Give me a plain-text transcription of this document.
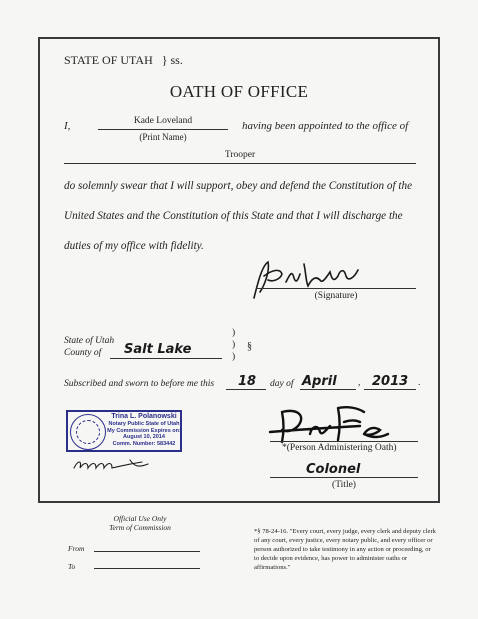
STATE OF UTAH } ss.
OATH OF OFFICE
I,	Kade Loveland
(Print Name)
having been appointed to the office of
Trooper
do solemnly swear that I will support, obey and defend the Constitution of the
United States and the Constitution of this State and that I will discharge the
duties of my office with fidelity.
(Signature)
State of Utah
County of Salt Lake
)
)
)
§
Subscribed and sworn to before me this 18 day of April , 2013 .
Trina L. Polanowski
Notary Public State of Utah
My Commission Expires on:
August 10, 2014
Comm. Number: 583442	*(Person Administering Oath)
Colonel
(Title)
Official Use Only
Term of Commission
From
To
*§ 78-24-16. "Every court, every judge, every clerk and deputy clerk of any court, every justice, every notary public, and every officer or person authorized to take testimony in any action or proceeding, or to decide upon evidence, has power to administer oaths or affirmations."
